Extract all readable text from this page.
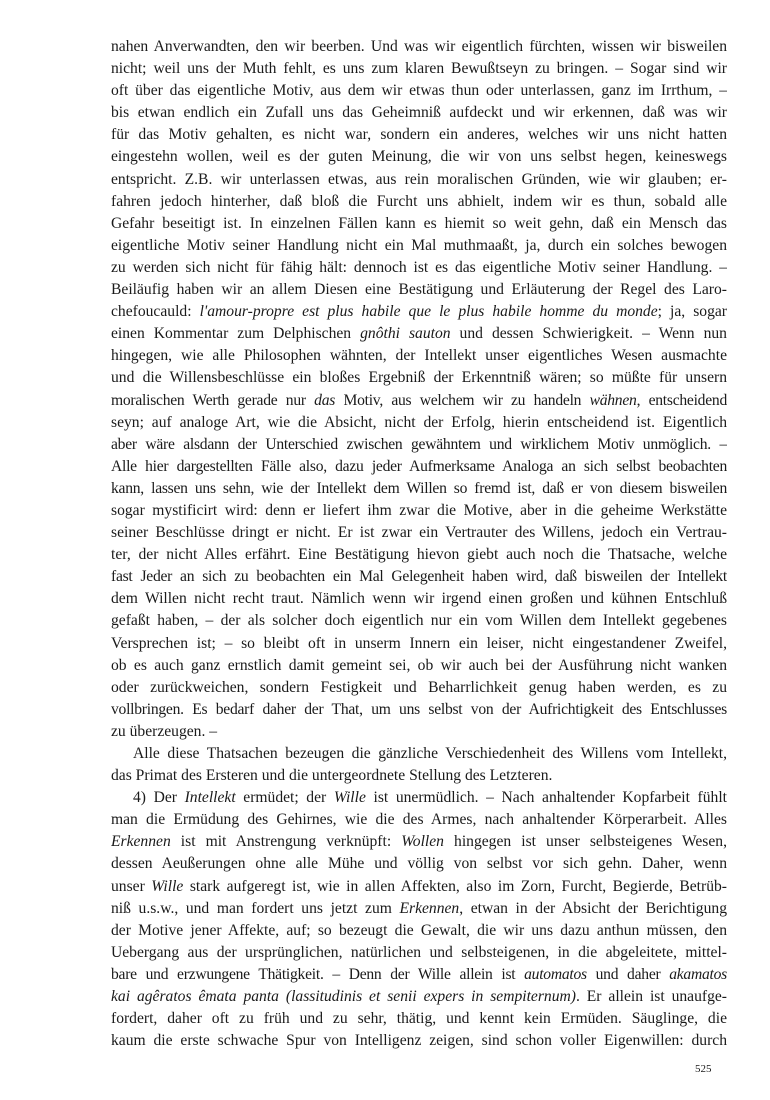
nahen Anverwandten, den wir beerben. Und was wir eigentlich fürchten, wissen wir bisweilen
nicht; weil uns der Muth fehlt, es uns zum klaren Bewußtseyn zu bringen. – Sogar sind wir
oft über das eigentliche Motiv, aus dem wir etwas thun oder unterlassen, ganz im Irrthum, –
bis etwan endlich ein Zufall uns das Geheimniß aufdeckt und wir erkennen, daß was wir
für das Motiv gehalten, es nicht war, sondern ein anderes, welches wir uns nicht hatten
eingestehn wollen, weil es der guten Meinung, die wir von uns selbst hegen, keineswegs
entspricht. Z.B. wir unterlassen etwas, aus rein moralischen Gründen, wie wir glauben; er-
fahren jedoch hinterher, daß bloß die Furcht uns abhielt, indem wir es thun, sobald alle
Gefahr beseitigt ist. In einzelnen Fällen kann es hiemit so weit gehn, daß ein Mensch das
eigentliche Motiv seiner Handlung nicht ein Mal muthmaaßt, ja, durch ein solches bewogen
zu werden sich nicht für fähig hält: dennoch ist es das eigentliche Motiv seiner Handlung. –
Beiläufig haben wir an allem Diesen eine Bestätigung und Erläuterung der Regel des Laro-
chefoucauld: l'amour-propre est plus habile que le plus habile homme du monde; ja, sogar
einen Kommentar zum Delphischen gnôthi sauton und dessen Schwierigkeit. – Wenn nun
hingegen, wie alle Philosophen wähnten, der Intellekt unser eigentliches Wesen ausmachte
und die Willensbeschlüsse ein bloßes Ergebniß der Erkenntniß wären; so müßte für unsern
moralischen Werth gerade nur das Motiv, aus welchem wir zu handeln wähnen, entscheidend
seyn; auf analoge Art, wie die Absicht, nicht der Erfolg, hierin entscheidend ist. Eigentlich
aber wäre alsdann der Unterschied zwischen gewähntem und wirklichem Motiv unmöglich. –
Alle hier dargestellten Fälle also, dazu jeder Aufmerksame Analoga an sich selbst beobachten
kann, lassen uns sehn, wie der Intellekt dem Willen so fremd ist, daß er von diesem bisweilen
sogar mystificirt wird: denn er liefert ihm zwar die Motive, aber in die geheime Werkstätte
seiner Beschlüsse dringt er nicht. Er ist zwar ein Vertrauter des Willens, jedoch ein Vertrau-
ter, der nicht Alles erfährt. Eine Bestätigung hievon giebt auch noch die Thatsache, welche
fast Jeder an sich zu beobachten ein Mal Gelegenheit haben wird, daß bisweilen der Intellekt
dem Willen nicht recht traut. Nämlich wenn wir irgend einen großen und kühnen Entschluß
gefaßt haben, – der als solcher doch eigentlich nur ein vom Willen dem Intellekt gegebenes
Versprechen ist; – so bleibt oft in unserm Innern ein leiser, nicht eingestandener Zweifel,
ob es auch ganz ernstlich damit gemeint sei, ob wir auch bei der Ausführung nicht wanken
oder zurückweichen, sondern Festigkeit und Beharrlichkeit genug haben werden, es zu
vollbringen. Es bedarf daher der That, um uns selbst von der Aufrichtigkeit des Entschlusses
zu überzeugen. –
Alle diese Thatsachen bezeugen die gänzliche Verschiedenheit des Willens vom Intellekt,
das Primat des Ersteren und die untergeordnete Stellung des Letzteren.
4) Der Intellekt ermüdet; der Wille ist unermüdlich. – Nach anhaltender Kopfarbeit fühlt
man die Ermüdung des Gehirnes, wie die des Armes, nach anhaltender Körperarbeit. Alles
Erkennen ist mit Anstrengung verknüpft: Wollen hingegen ist unser selbsteigenes Wesen,
dessen Aeußerungen ohne alle Mühe und völlig von selbst vor sich gehn. Daher, wenn
unser Wille stark aufgeregt ist, wie in allen Affekten, also im Zorn, Furcht, Begierde, Betrüb-
niß u.s.w., und man fordert uns jetzt zum Erkennen, etwan in der Absicht der Berichtigung
der Motive jener Affekte, auf; so bezeugt die Gewalt, die wir uns dazu anthun müssen, den
Uebergang aus der ursprünglichen, natürlichen und selbsteigenen, in die abgeleitete, mittel-
bare und erzwungene Thätigkeit. – Denn der Wille allein ist automatos und daher akamatos
kai agêratos êmata panta (lassitudinis et senii expers in sempiternum). Er allein ist unaufge-
fordert, daher oft zu früh und zu sehr, thätig, und kennt kein Ermüden. Säuglinge, die
kaum die erste schwache Spur von Intelligenz zeigen, sind schon voller Eigenwillen: durch
525
